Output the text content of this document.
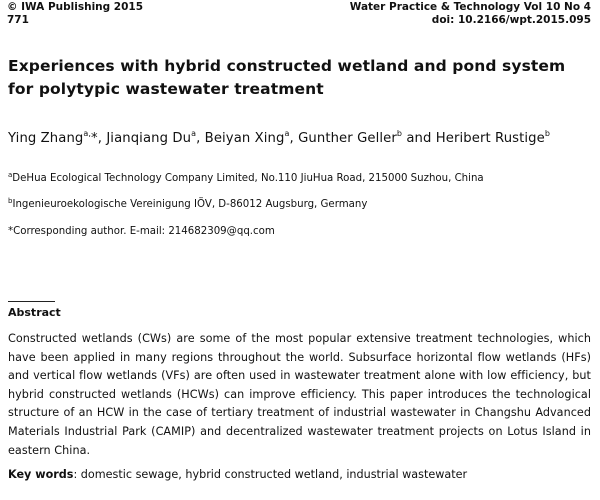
© IWA Publishing 2015
771
Water Practice & Technology Vol 10 No 4
doi: 10.2166/wpt.2015.095
Experiences with hybrid constructed wetland and pond system for polytypic wastewater treatment
Ying Zhang$^{a,}$*, Jianqiang Du$^a$, Beiyan Xing$^a$, Gunther Geller$^b$ and Heribert Rustige$^b$
$^a$DeHua Ecological Technology Company Limited, No.110 JiuHua Road, 215000 Suzhou, China
$^b$Ingenieuroekologische Vereinigung IÖV, D-86012 Augsburg, Germany
*Corresponding author. E-mail: 214682309@qq.com
Abstract
Constructed wetlands (CWs) are some of the most popular extensive treatment technologies, which have been applied in many regions throughout the world. Subsurface horizontal flow wetlands (HFs) and vertical flow wetlands (VFs) are often used in wastewater treatment alone with low efficiency, but hybrid constructed wetlands (HCWs) can improve efficiency. This paper introduces the technological structure of an HCW in the case of tertiary treatment of industrial wastewater in Changshu Advanced Materials Industrial Park (CAMIP) and decentralized wastewater treatment projects on Lotus Island in eastern China.
Key words: domestic sewage, hybrid constructed wetland, industrial wastewater
